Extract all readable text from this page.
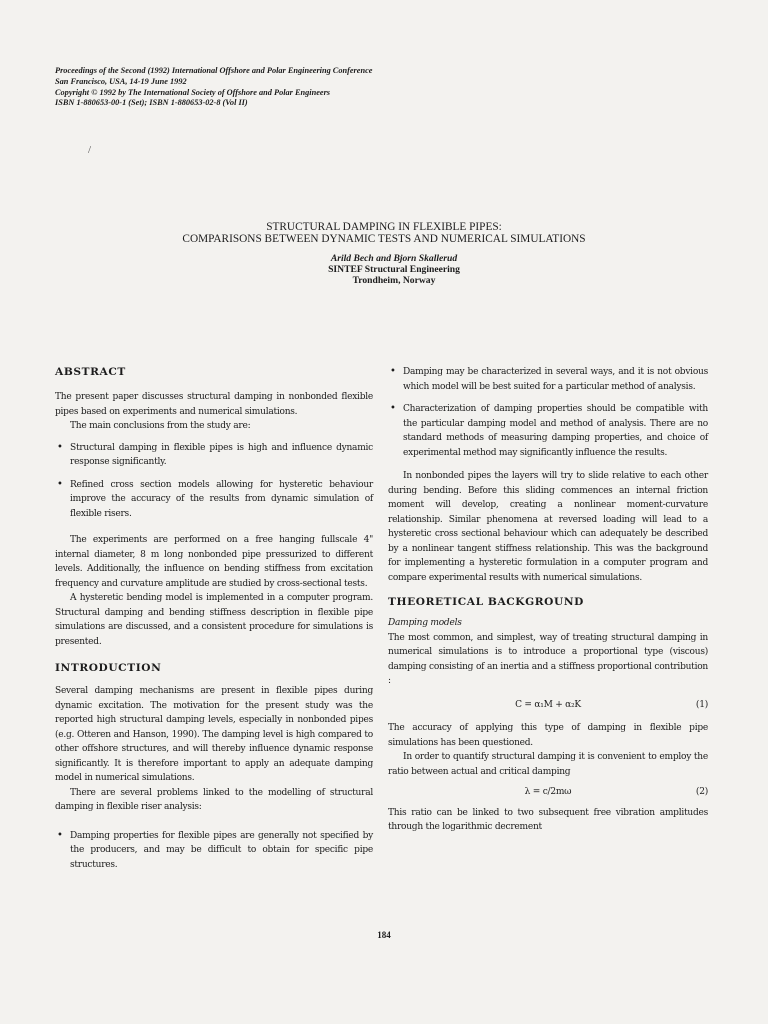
Proceedings of the Second (1992) International Offshore and Polar Engineering Conference
San Francisco, USA, 14-19 June 1992
Copyright © 1992 by The International Society of Offshore and Polar Engineers
ISBN 1-880653-00-1 (Set); ISBN 1-880653-02-8 (Vol II)
/
STRUCTURAL DAMPING IN FLEXIBLE PIPES:
COMPARISONS BETWEEN DYNAMIC TESTS AND NUMERICAL SIMULATIONS
Arild Bech and Bjorn Skallerud
SINTEF Structural Engineering
Trondheim, Norway
ABSTRACT

The present paper discusses structural damping in nonbonded flexible pipes based on experiments and numerical simulations.

The main conclusions from the study are:

• Structural damping in flexible pipes is high and influence dynamic response significantly.
• Refined cross section models allowing for hysteretic behaviour improve the accuracy of the results from dynamic simulation of flexible risers.

The experiments are performed on a free hanging fullscale 4" internal diameter, 8 m long nonbonded pipe pressurized to different levels. Additionally, the influence on bending stiffness from excitation frequency and curvature amplitude are studied by cross-sectional tests.

A hysteretic bending model is implemented in a computer program. Structural damping and bending stiffness description in flexible pipe simulations are discussed, and a consistent procedure for simulations is presented.

INTRODUCTION

Several damping mechanisms are present in flexible pipes during dynamic excitation. The motivation for the present study was the reported high structural damping levels, especially in nonbonded pipes (e.g. Otteren and Hanson, 1990). The damping level is high compared to other offshore structures, and will thereby influence dynamic response significantly. It is therefore important to apply an adequate damping model in numerical simulations.

There are several problems linked to the modelling of structural damping in flexible riser analysis:

• Damping properties for flexible pipes are generally not specified by the producers, and may be difficult to obtain for specific pipe structures.
• Damping may be characterized in several ways, and it is not obvious which model will be best suited for a particular method of analysis.
• Characterization of damping properties should be compatible with the particular damping model and method of analysis. There are no standard methods of measuring damping properties, and choice of experimental method may significantly influence the results.

In nonbonded pipes the layers will try to slide relative to each other during bending. Before this sliding commences an internal friction moment will develop, creating a nonlinear moment-curvature relationship. Similar phenomena at reversed loading will lead to a hysteretic cross sectional behaviour which can adequately be described by a nonlinear tangent stiffness relationship. This was the background for implementing a hysteretic formulation in a computer program and compare experimental results with numerical simulations.

THEORETICAL BACKGROUND

Damping models

The most common, and simplest, way of treating structural damping in numerical simulations is to introduce a proportional type (viscous) damping consisting of an inertia and a stiffness proportional contribution :

C = α₁M + α₂K	(1)

The accuracy of applying this type of damping in flexible pipe simulations has been questioned.

In order to quantify structural damping it is convenient to employ the ratio between actual and critical damping

λ = c/2mω	(2)

This ratio can be linked to two subsequent free vibration amplitudes through the logarithmic decrement

184
